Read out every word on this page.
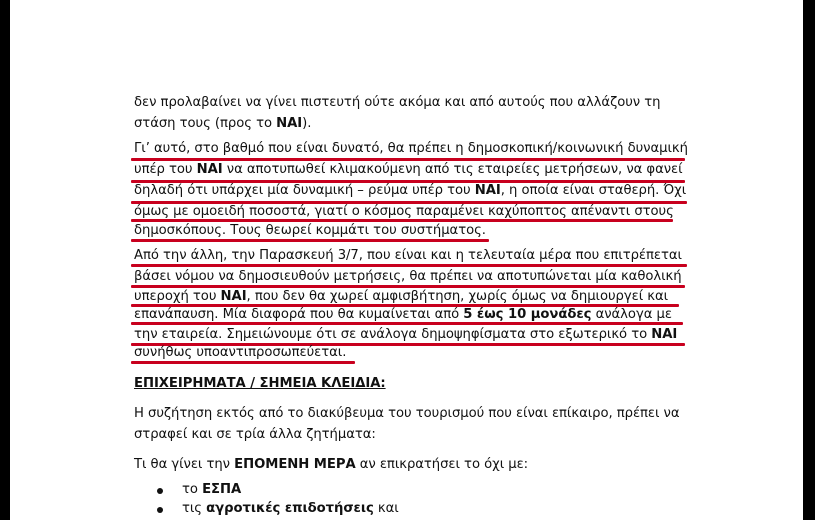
δεν προλαβαίνει να γίνει πιστευτή ούτε ακόμα και από αυτούς που αλλάζουν τη
στάση τους (προς το ΝΑΙ).
Γι’ αυτό, στο βαθμό που είναι δυνατό, θα πρέπει η δημοσκοπική/κοινωνική δυναμική
υπέρ του ΝΑΙ να αποτυπωθεί κλιμακούμενη από τις εταιρείες μετρήσεων, να φανεί
δηλαδή ότι υπάρχει μία δυναμική – ρεύμα υπέρ του ΝΑΙ, η οποία είναι σταθερή. Όχι
όμως με ομοειδή ποσοστά, γιατί ο κόσμος παραμένει καχύποπτος απέναντι στους
δημοσκόπους. Τους θεωρεί κομμάτι του συστήματος.
Από την άλλη, την Παρασκευή 3/7, που είναι και η τελευταία μέρα που επιτρέπεται
βάσει νόμου να δημοσιευθούν μετρήσεις, θα πρέπει να αποτυπώνεται μία καθολική
υπεροχή του ΝΑΙ, που δεν θα χωρεί αμφισβήτηση, χωρίς όμως να δημιουργεί και
επανάπαυση. Μία διαφορά που θα κυμαίνεται από 5 έως 10 μονάδες ανάλογα με
την εταιρεία. Σημειώνουμε ότι σε ανάλογα δημοψηφίσματα στο εξωτερικό το ΝΑΙ
συνήθως υποαντιπροσωπεύεται.
ΕΠΙΧΕΙΡΗΜΑΤΑ / ΣΗΜΕΙΑ ΚΛΕΙΔΙΑ:
Η συζήτηση εκτός από το διακύβευμα του τουρισμού που είναι επίκαιρο, πρέπει να
στραφεί και σε τρία άλλα ζητήματα:
Τι θα γίνει την ΕΠΟΜΕΝΗ ΜΕΡΑ αν επικρατήσει το όχι με:
το ΕΣΠΑ
τις αγροτικές επιδοτήσεις και
